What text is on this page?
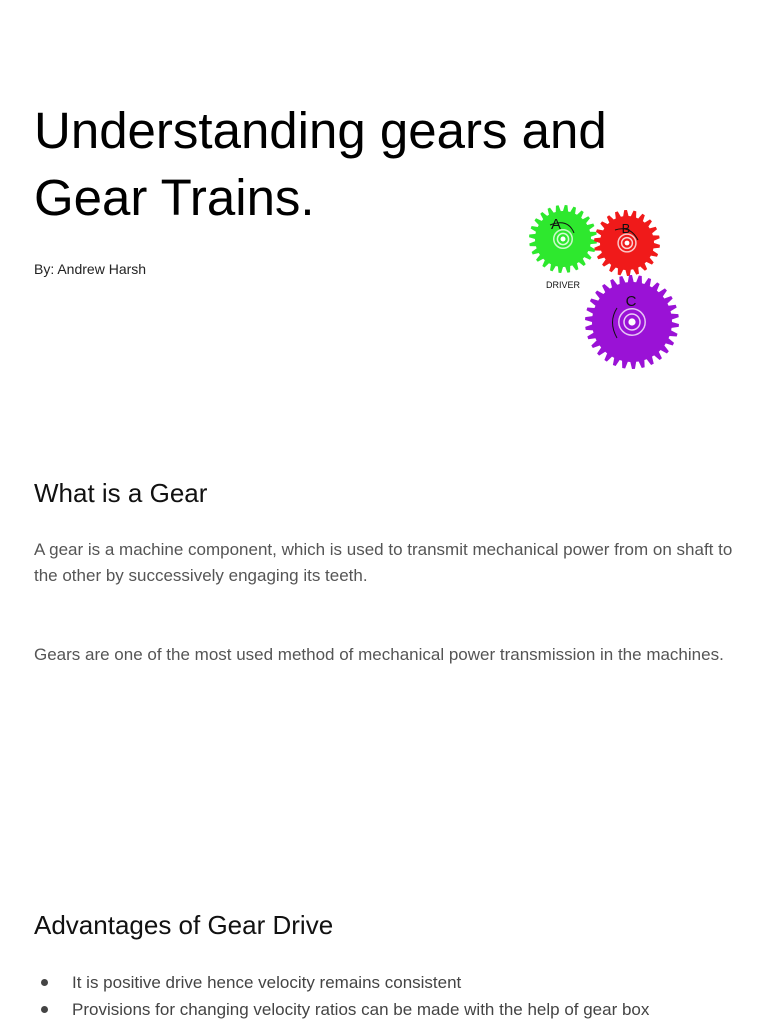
Understanding gears and
Gear Trains.
By: Andrew Harsh
A	B
C
DRIVER
What is a Gear

A gear is a machine component, which is used to transmit mechanical power from on shaft to the other by successively engaging its teeth.

Gears are one of the most used method of mechanical power transmission in the machines.

Advantages of Gear Drive
It is positive drive hence velocity remains consistent
Provisions for changing velocity ratios can be made with the help of gear box
